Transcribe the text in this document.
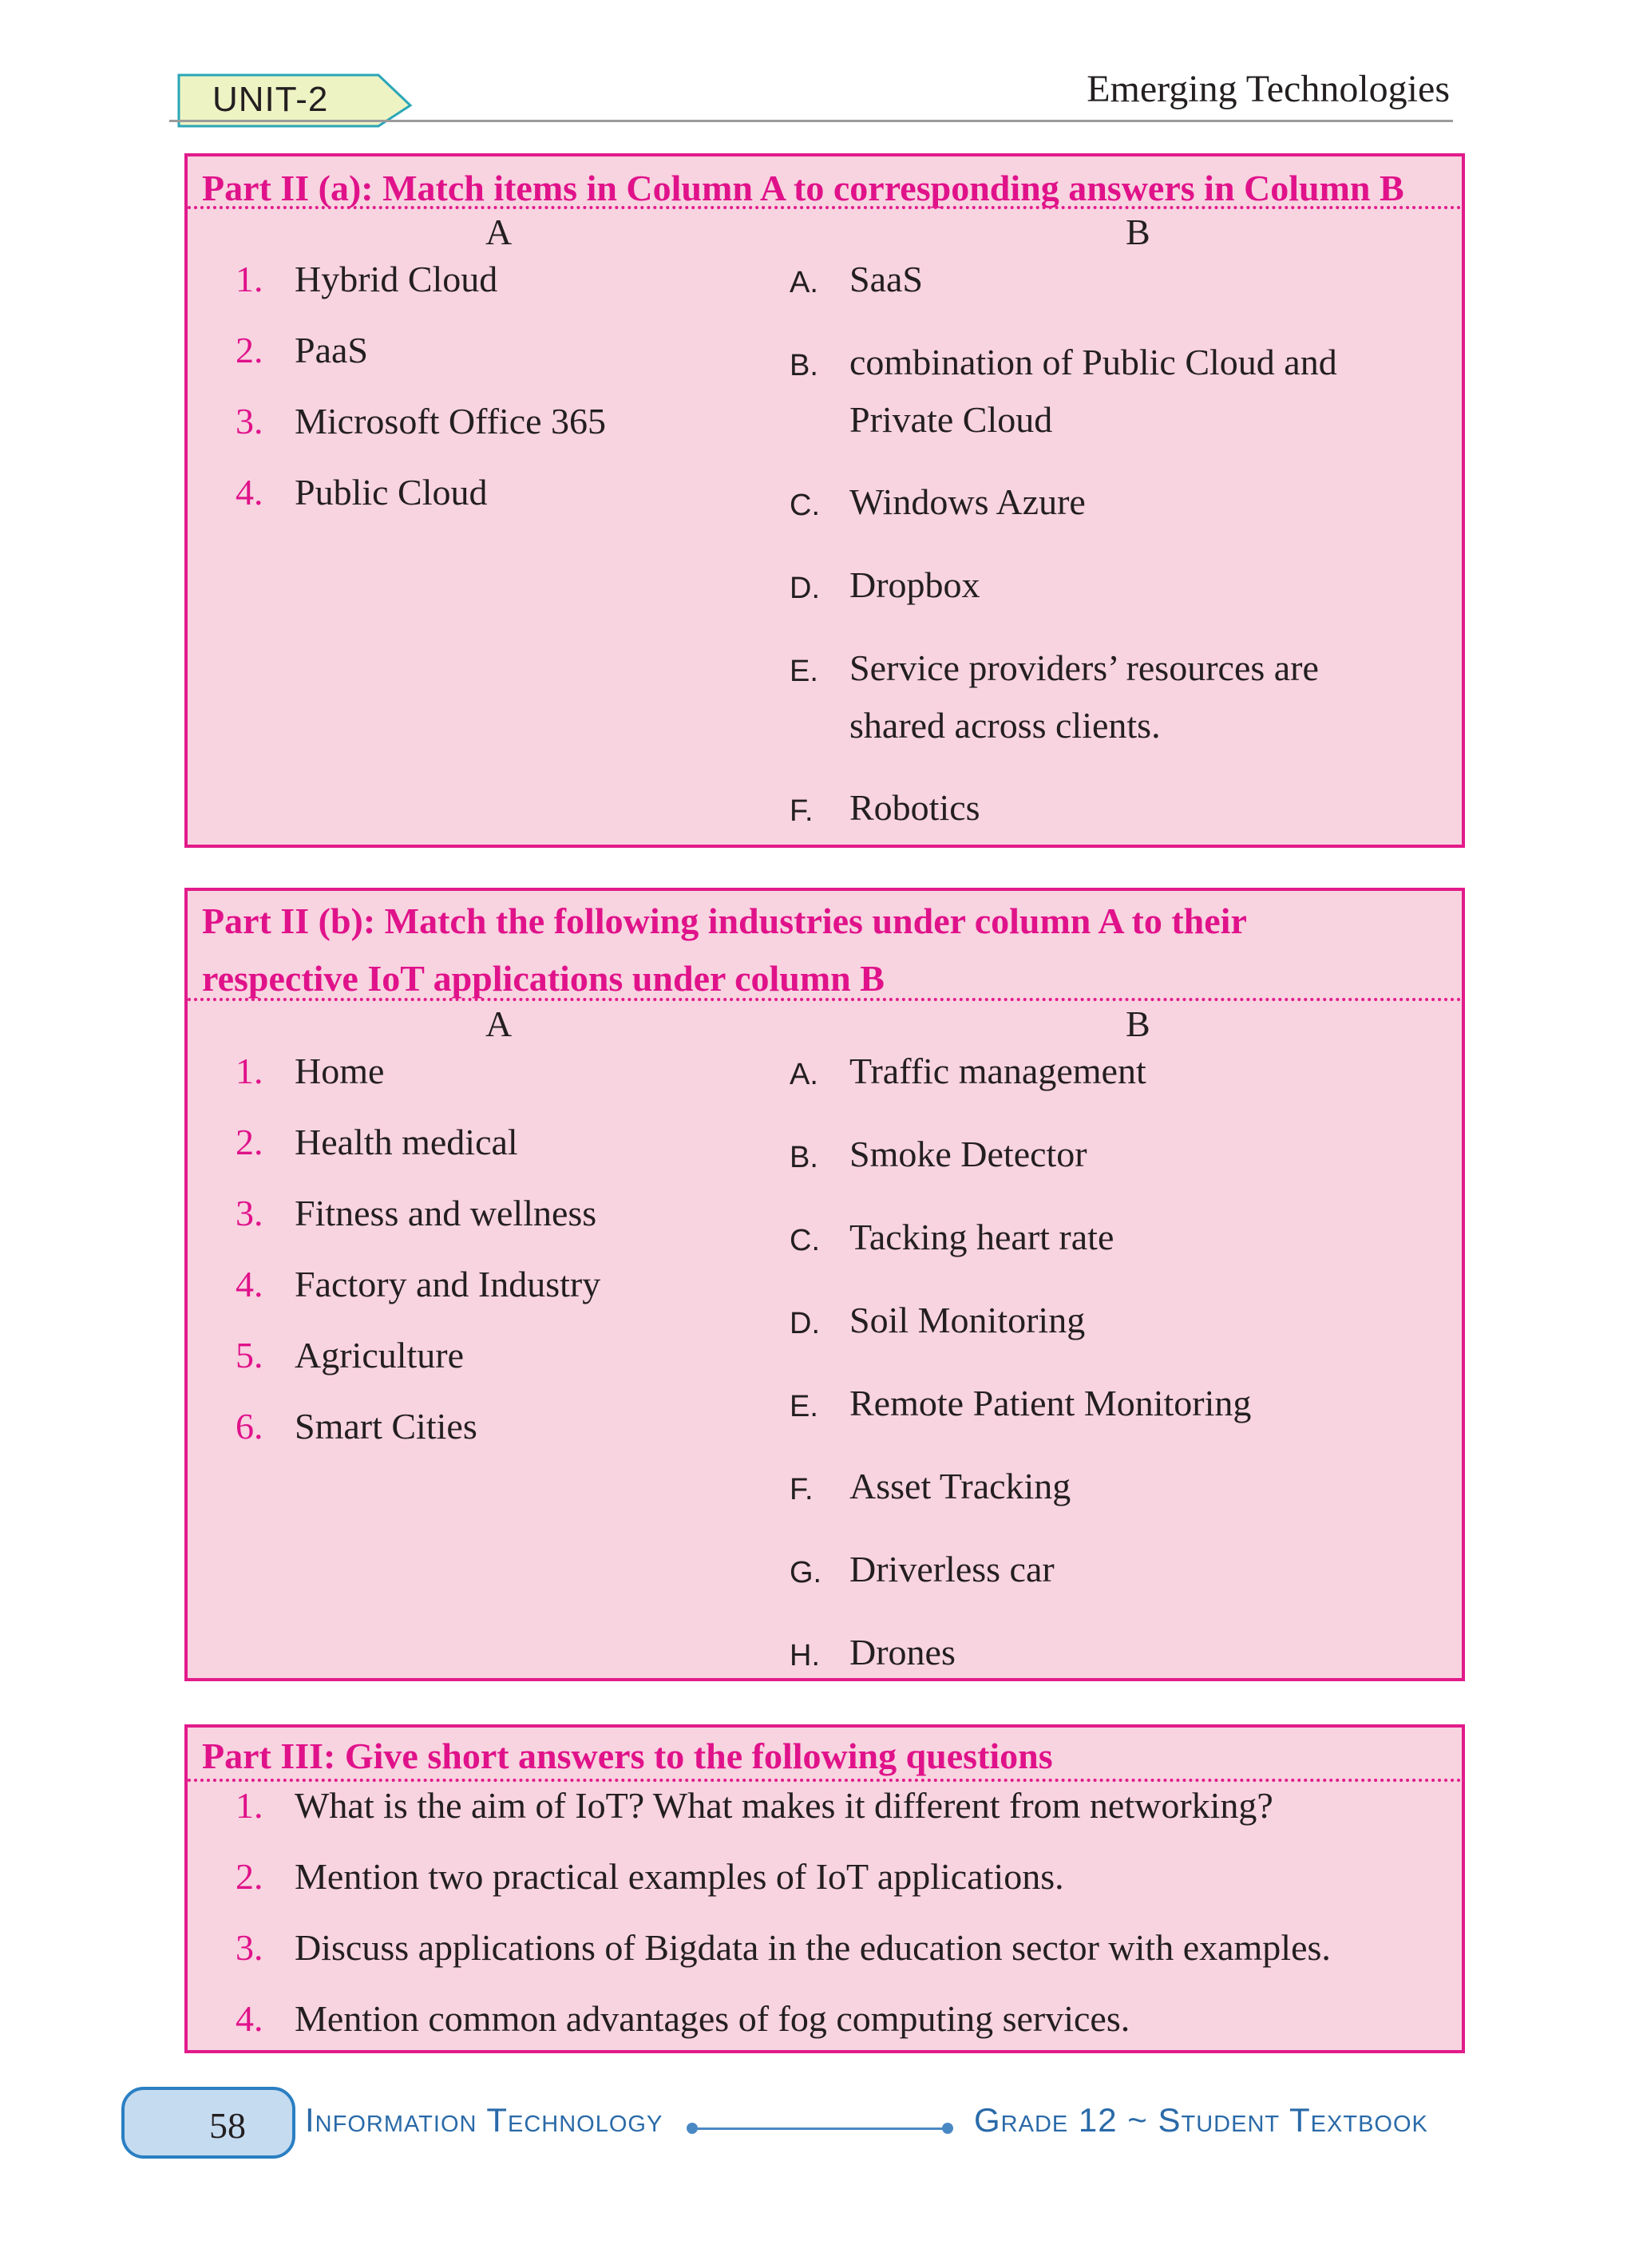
UNIT-2	Emerging Technologies
Part II (a): Match items in Column A to corresponding answers in Column B
A	B
1. Hybrid Cloud
2. PaaS
3. Microsoft Office 365
4. Public Cloud
A. SaaS
B. combination of Public Cloud and
Private Cloud
C. Windows Azure
D. Dropbox
E. Service providers’ resources are
shared across clients.
F. Robotics
Part II (b): Match the following industries under column A to their
respective IoT applications under column B
A	B
1. Home
2. Health medical
3. Fitness and wellness
4. Factory and Industry
5. Agriculture
6. Smart Cities
A. Traffic management
B. Smoke Detector
C. Tacking heart rate
D. Soil Monitoring
E. Remote Patient Monitoring
F. Asset Tracking
G. Driverless car
H. Drones
Part III: Give short answers to the following questions
1. What is the aim of IoT? What makes it different from networking?
2. Mention two practical examples of IoT applications.
3. Discuss applications of Bigdata in the education sector with examples.
4. Mention common advantages of fog computing services.
58 Information Technology	Grade 12 ~ Student Textbook
